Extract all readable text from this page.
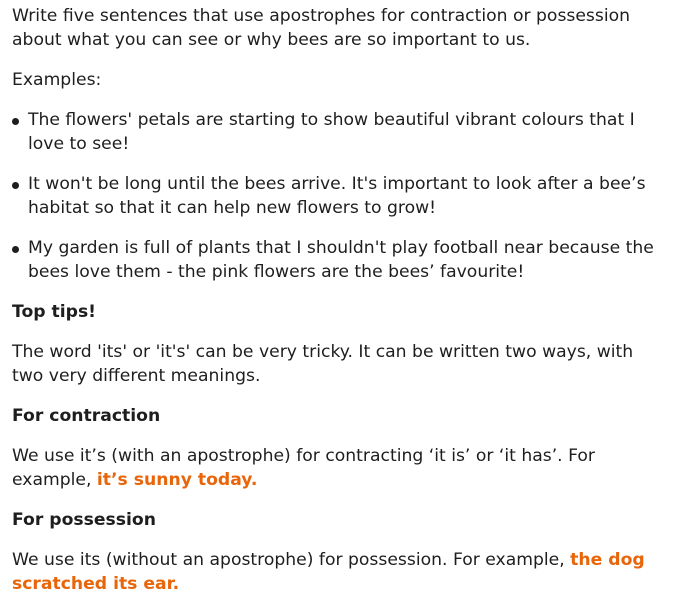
Write five sentences that use apostrophes for contraction or possession about what you can see or why bees are so important to us.

Examples:

The flowers' petals are starting to show beautiful vibrant colours that I love to see!
It won't be long until the bees arrive. It's important to look after a bee’s habitat so that it can help new flowers to grow!
My garden is full of plants that I shouldn't play football near because the bees love them - the pink flowers are the bees’ favourite!

Top tips!

The word 'its' or 'it's' can be very tricky. It can be written two ways, with two very different meanings.

For contraction

We use it’s (with an apostrophe) for contracting ‘it is’ or ‘it has’. For example, it’s sunny today.

For possession

We use its (without an apostrophe) for possession. For example, the dog scratched its ear.
